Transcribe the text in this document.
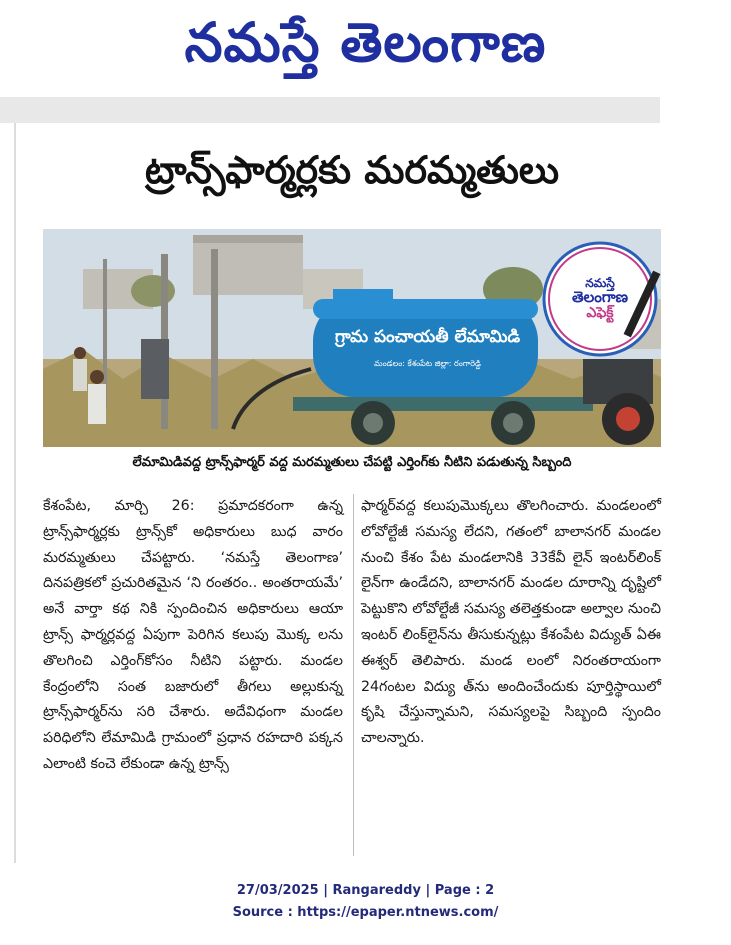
నమస్తే తెలంగాణ
ట్రాన్స్‌ఫార్మర్లకు మరమ్మతులు
గ్రామ పంచాయతీ లేమామిడి
మండలం: కేశంపేట జిల్లా: రంగారెడ్డి
నమస్తే
తెలంగాణ
ఎఫెక్ట్
లేమామిడివద్ద ట్రాన్స్‌ఫార్మర్ వద్ద మరమ్మతులు చేపట్టి ఎర్తింగ్‌కు నీటిని పడుతున్న సిబ్బంది

కేశంపేట, మార్చి 26: ప్రమాదకరంగా ఉన్న ట్రాన్స్‌ఫార్మర్లకు ట్రాన్స్‌కో అధికారులు బుధ వారం మరమ్మతులు చేపట్టారు. ‘నమస్తే తెలంగాణ’ దినపత్రికలో ప్రచురితమైన ‘ని రంతరం.. అంతరాయమే’ అనే వార్తా కథ నికి స్పందించిన అధికారులు ఆయా ట్రాన్స్ ఫార్మర్లవద్ద ఏపుగా పెరిగిన కలుపు మొక్క లను తొలగించి ఎర్తింగ్‌కోసం నీటిని పట్టారు. మండల కేంద్రంలోని సంత బజారులో తీగలు అల్లుకున్న ట్రాన్స్‌ఫార్మర్‌ను సరి చేశారు. అదేవిధంగా మండల పరిధిలోని లేమామిడి గ్రామంలో ప్రధాన రహదారి పక్కన ఎలాంటి కంచె లేకుండా ఉన్న ట్రాన్స్

ఫార్మర్‌వద్ద కలుపుమొక్కలు తొలగించారు. మండలంలో లోవోల్టేజీ సమస్య లేదని, గతంలో బాలానగర్ మండల నుంచి కేశం పేట మండలానికి 33కేవీ లైన్ ఇంటర్‌లింక్ లైన్‌గా ఉండేదని, బాలానగర్ మండల దూరాన్ని దృష్టిలో పెట్టుకొని లోవోల్టేజీ సమస్య తలెత్తకుండా అల్వాల నుంచి ఇంటర్ లింక్‌లైన్‌ను తీసుకున్నట్లు కేశంపేట విద్యుత్ ఏఈ ఈశ్వర్ తెలిపారు. మండ లంలో నిరంతరాయంగా 24గంటల విద్యు త్‌ను అందించేందుకు పూర్తిస్థాయిలో కృషి చేస్తున్నామని, సమస్యలపై సిబ్బంది స్పందిం చాలన్నారు.

27/03/2025 | Rangareddy | Page : 2
Source : https://epaper.ntnews.com/
